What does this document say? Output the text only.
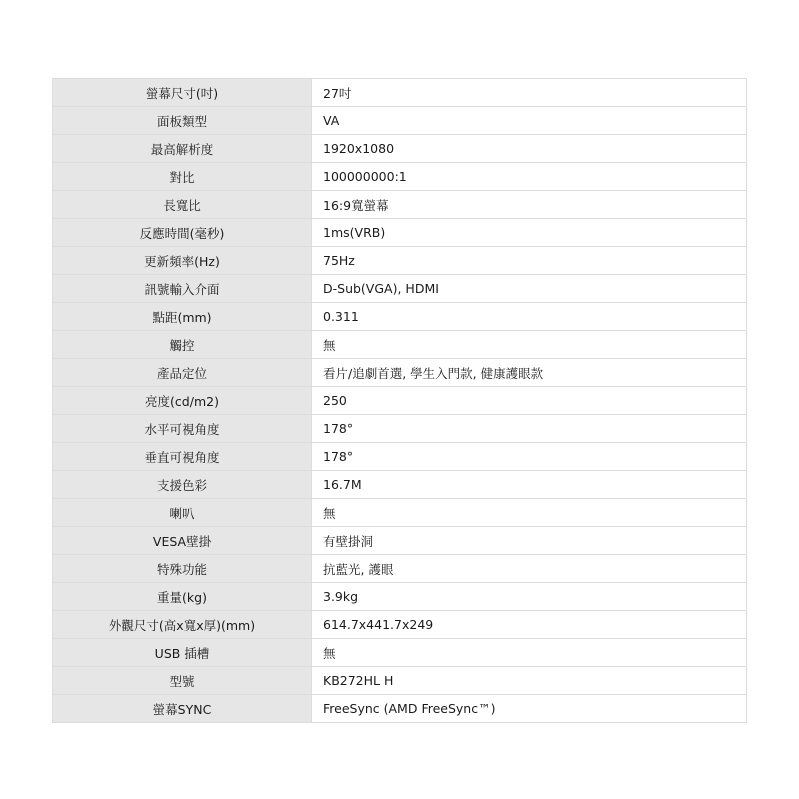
螢幕尺寸(吋)	27吋
面板類型	VA
最高解析度	1920x1080
對比	100000000:1
長寬比	16:9寬螢幕
反應時間(毫秒)	1ms(VRB)
更新頻率(Hz)	75Hz
訊號輸入介面	D-Sub(VGA), HDMI
點距(mm)	0.311
觸控	無
產品定位	看片/追劇首選, 學生入門款, 健康護眼款
亮度(cd/m2)	250
水平可視角度	178°
垂直可視角度	178°
支援色彩	16.7M
喇叭	無
VESA壁掛	有壁掛洞
特殊功能	抗藍光, 護眼
重量(kg)	3.9kg
外觀尺寸(高x寬x厚)(mm)	614.7x441.7x249
USB 插槽	無
型號	KB272HL H
螢幕SYNC	FreeSync (AMD FreeSync™)
